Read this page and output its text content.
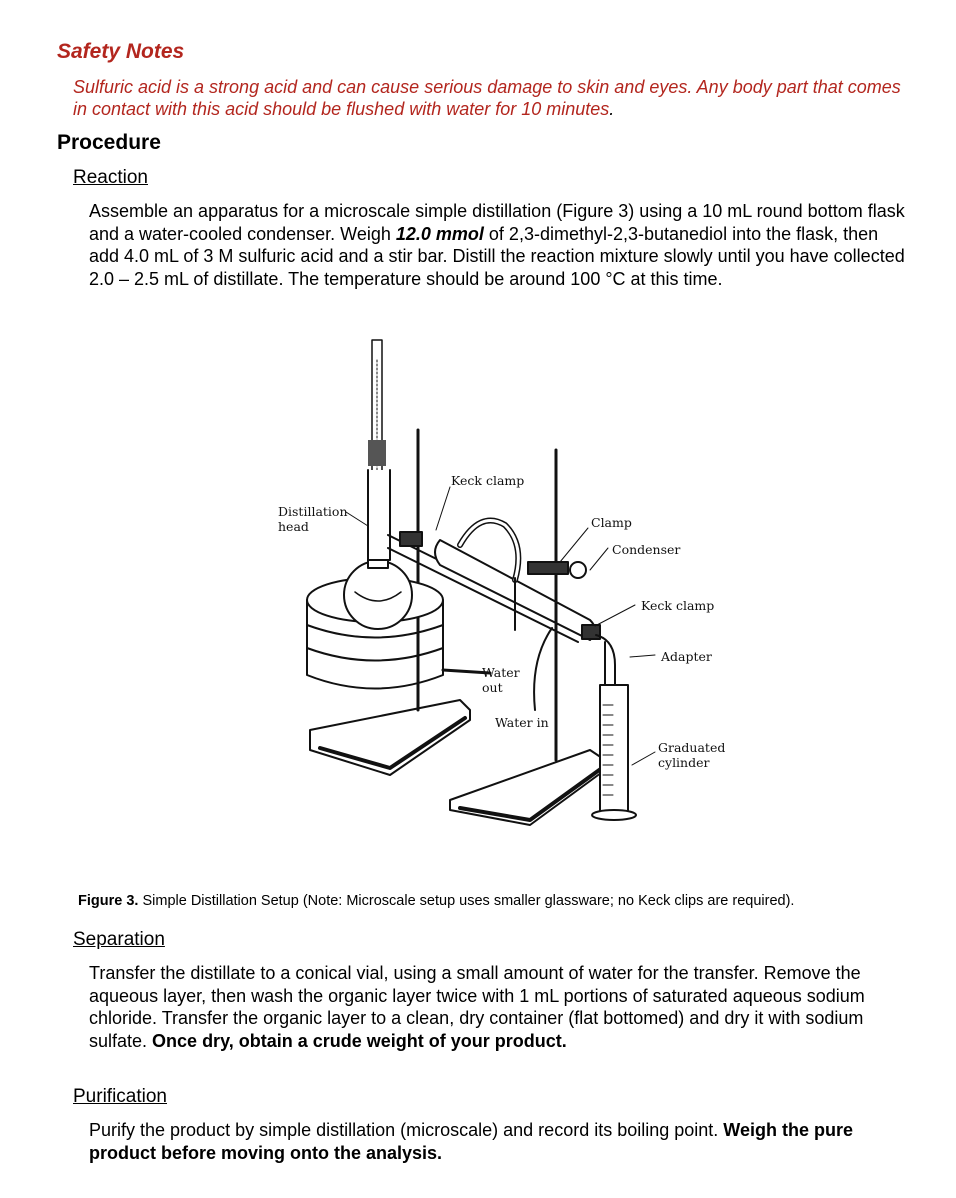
Safety Notes
Sulfuric acid is a strong acid and can cause serious damage to skin and eyes. Any body part that comes in contact with this acid should be flushed with water for 10 minutes.
Procedure
Reaction
Assemble an apparatus for a microscale simple distillation (Figure 3) using a 10 mL round bottom flask and a water-cooled condenser. Weigh 12.0 mmol of 2,3-dimethyl-2,3-butanediol into the flask, then add 4.0 mL of 3 M sulfuric acid and a stir bar. Distill the reaction mixture slowly until you have collected 2.0 – 2.5 mL of distillate. The temperature should be around 100 °C at this time.
Keck clamp
Distillation
head	Clamp
Condenser
Keck clamp
Adapter
Water
out
Water in
Graduated
cylinder
Figure 3. Simple Distillation Setup (Note: Microscale setup uses smaller glassware; no Keck clips are required).
Separation
Transfer the distillate to a conical vial, using a small amount of water for the transfer. Remove the aqueous layer, then wash the organic layer twice with 1 mL portions of saturated aqueous sodium chloride. Transfer the organic layer to a clean, dry container (flat bottomed) and dry it with sodium sulfate. Once dry, obtain a crude weight of your product.
Purification
Purify the product by simple distillation (microscale) and record its boiling point. Weigh the pure product before moving onto the analysis.
